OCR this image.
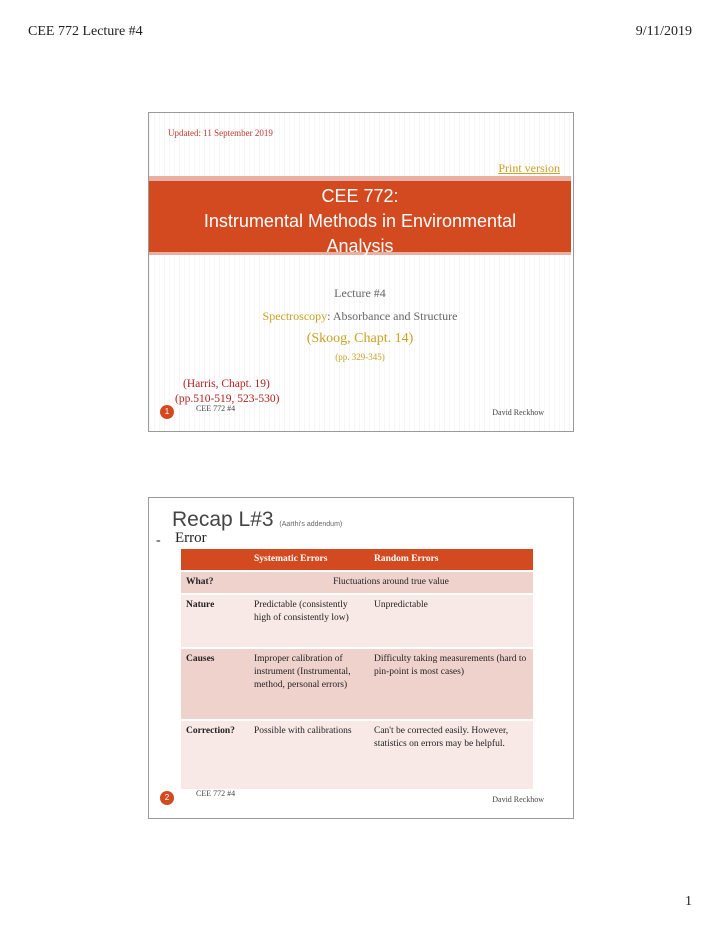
CEE 772 Lecture #4	9/11/2019
Updated: 11 September 2019
Print version
CEE 772:
Instrumental Methods in Environmental
Analysis
Lecture #4
Spectroscopy: Absorbance and Structure
(Skoog, Chapt. 14)
(pp. 329-345)
(Harris, Chapt. 19)
(pp.510-519, 523-530)
1	CEE 772 #4	David Reckhow
Recap L#3 (Aarthi's addendum)
- Error
	Systematic Errors	Random Errors
What?	Fluctuations around true value	
Nature	Predictable (consistently high of consistently low)	Unpredictable
Causes	Improper calibration of instrument (Instrumental, method, personal errors)	Difficulty taking measurements (hard to pin-point is most cases)
Correction?	Possible with calibrations	Can't be corrected easily. However, statistics on errors may be helpful.
2	CEE 772 #4
David Reckhow
1
